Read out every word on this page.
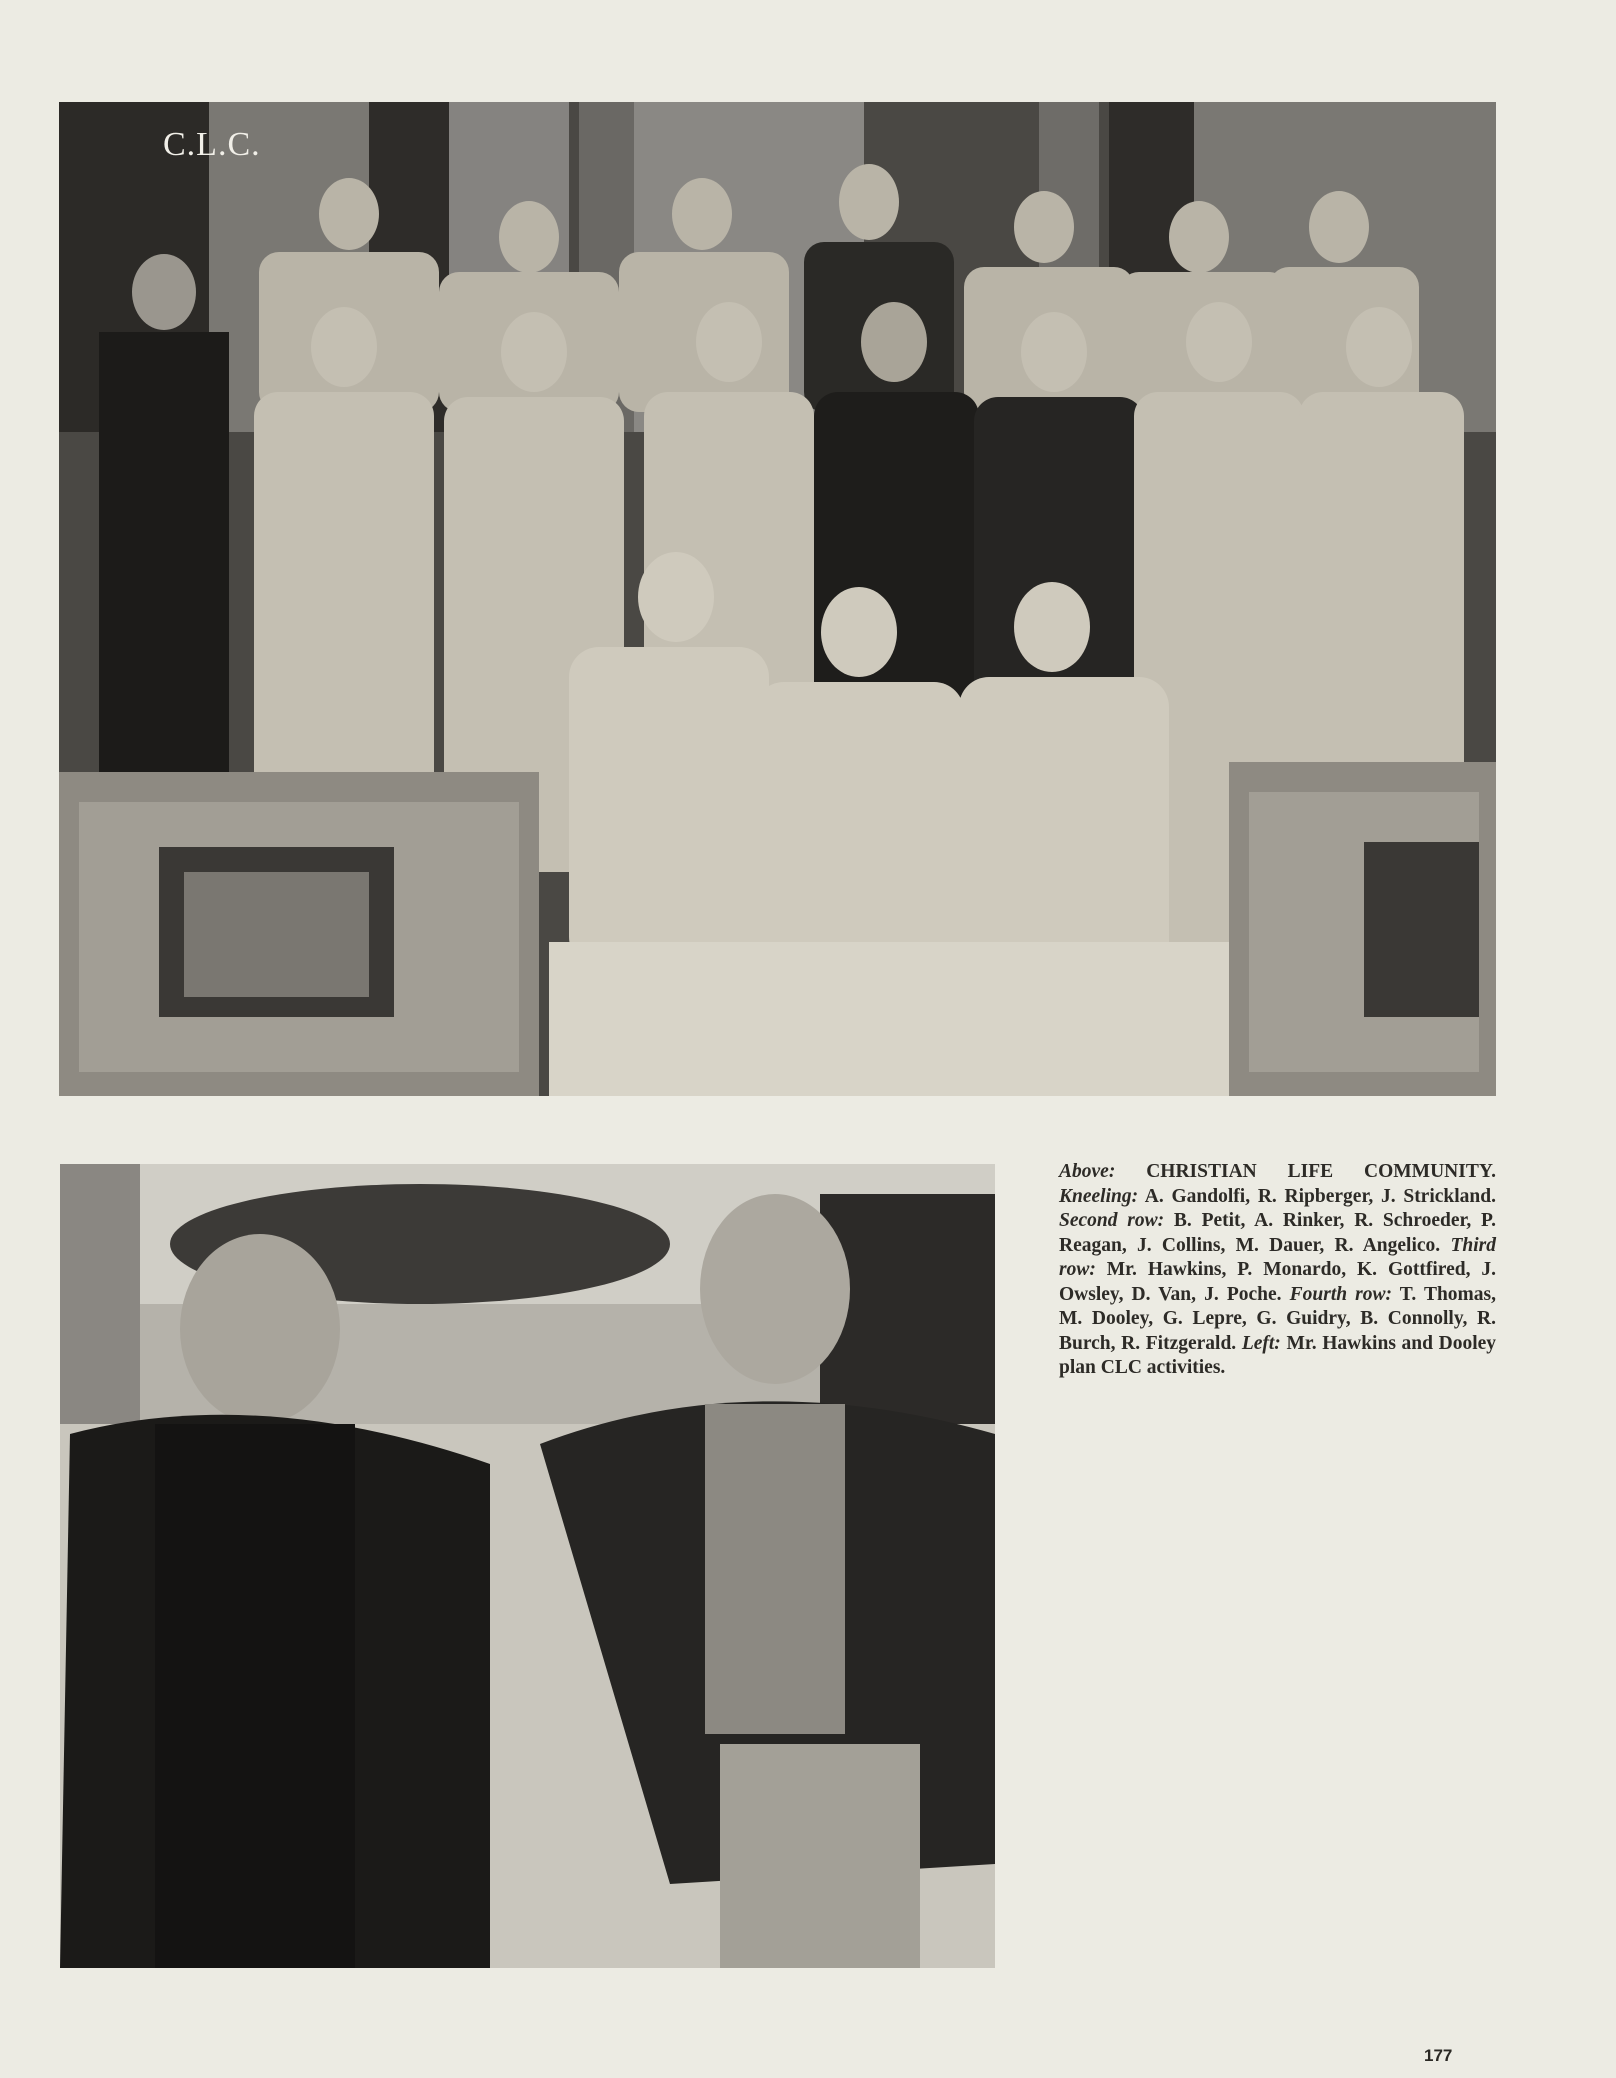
C.L.C.
Above: CHRISTIAN LIFE COMMUNITY. Kneeling: A. Gandolfi, R. Ripberger, J. Strickland. Second row: B. Petit, A. Rinker, R. Schroeder, P. Reagan, J. Collins, M. Dauer, R. Angelico. Third row: Mr. Hawkins, P. Monardo, K. Gottfired, J. Owsley, D. Van, J. Poche. Fourth row: T. Thomas, M. Dooley, G. Lepre, G. Guidry, B. Connolly, R. Burch, R. Fitzgerald. Left: Mr. Hawkins and Dooley plan CLC activities.
177
